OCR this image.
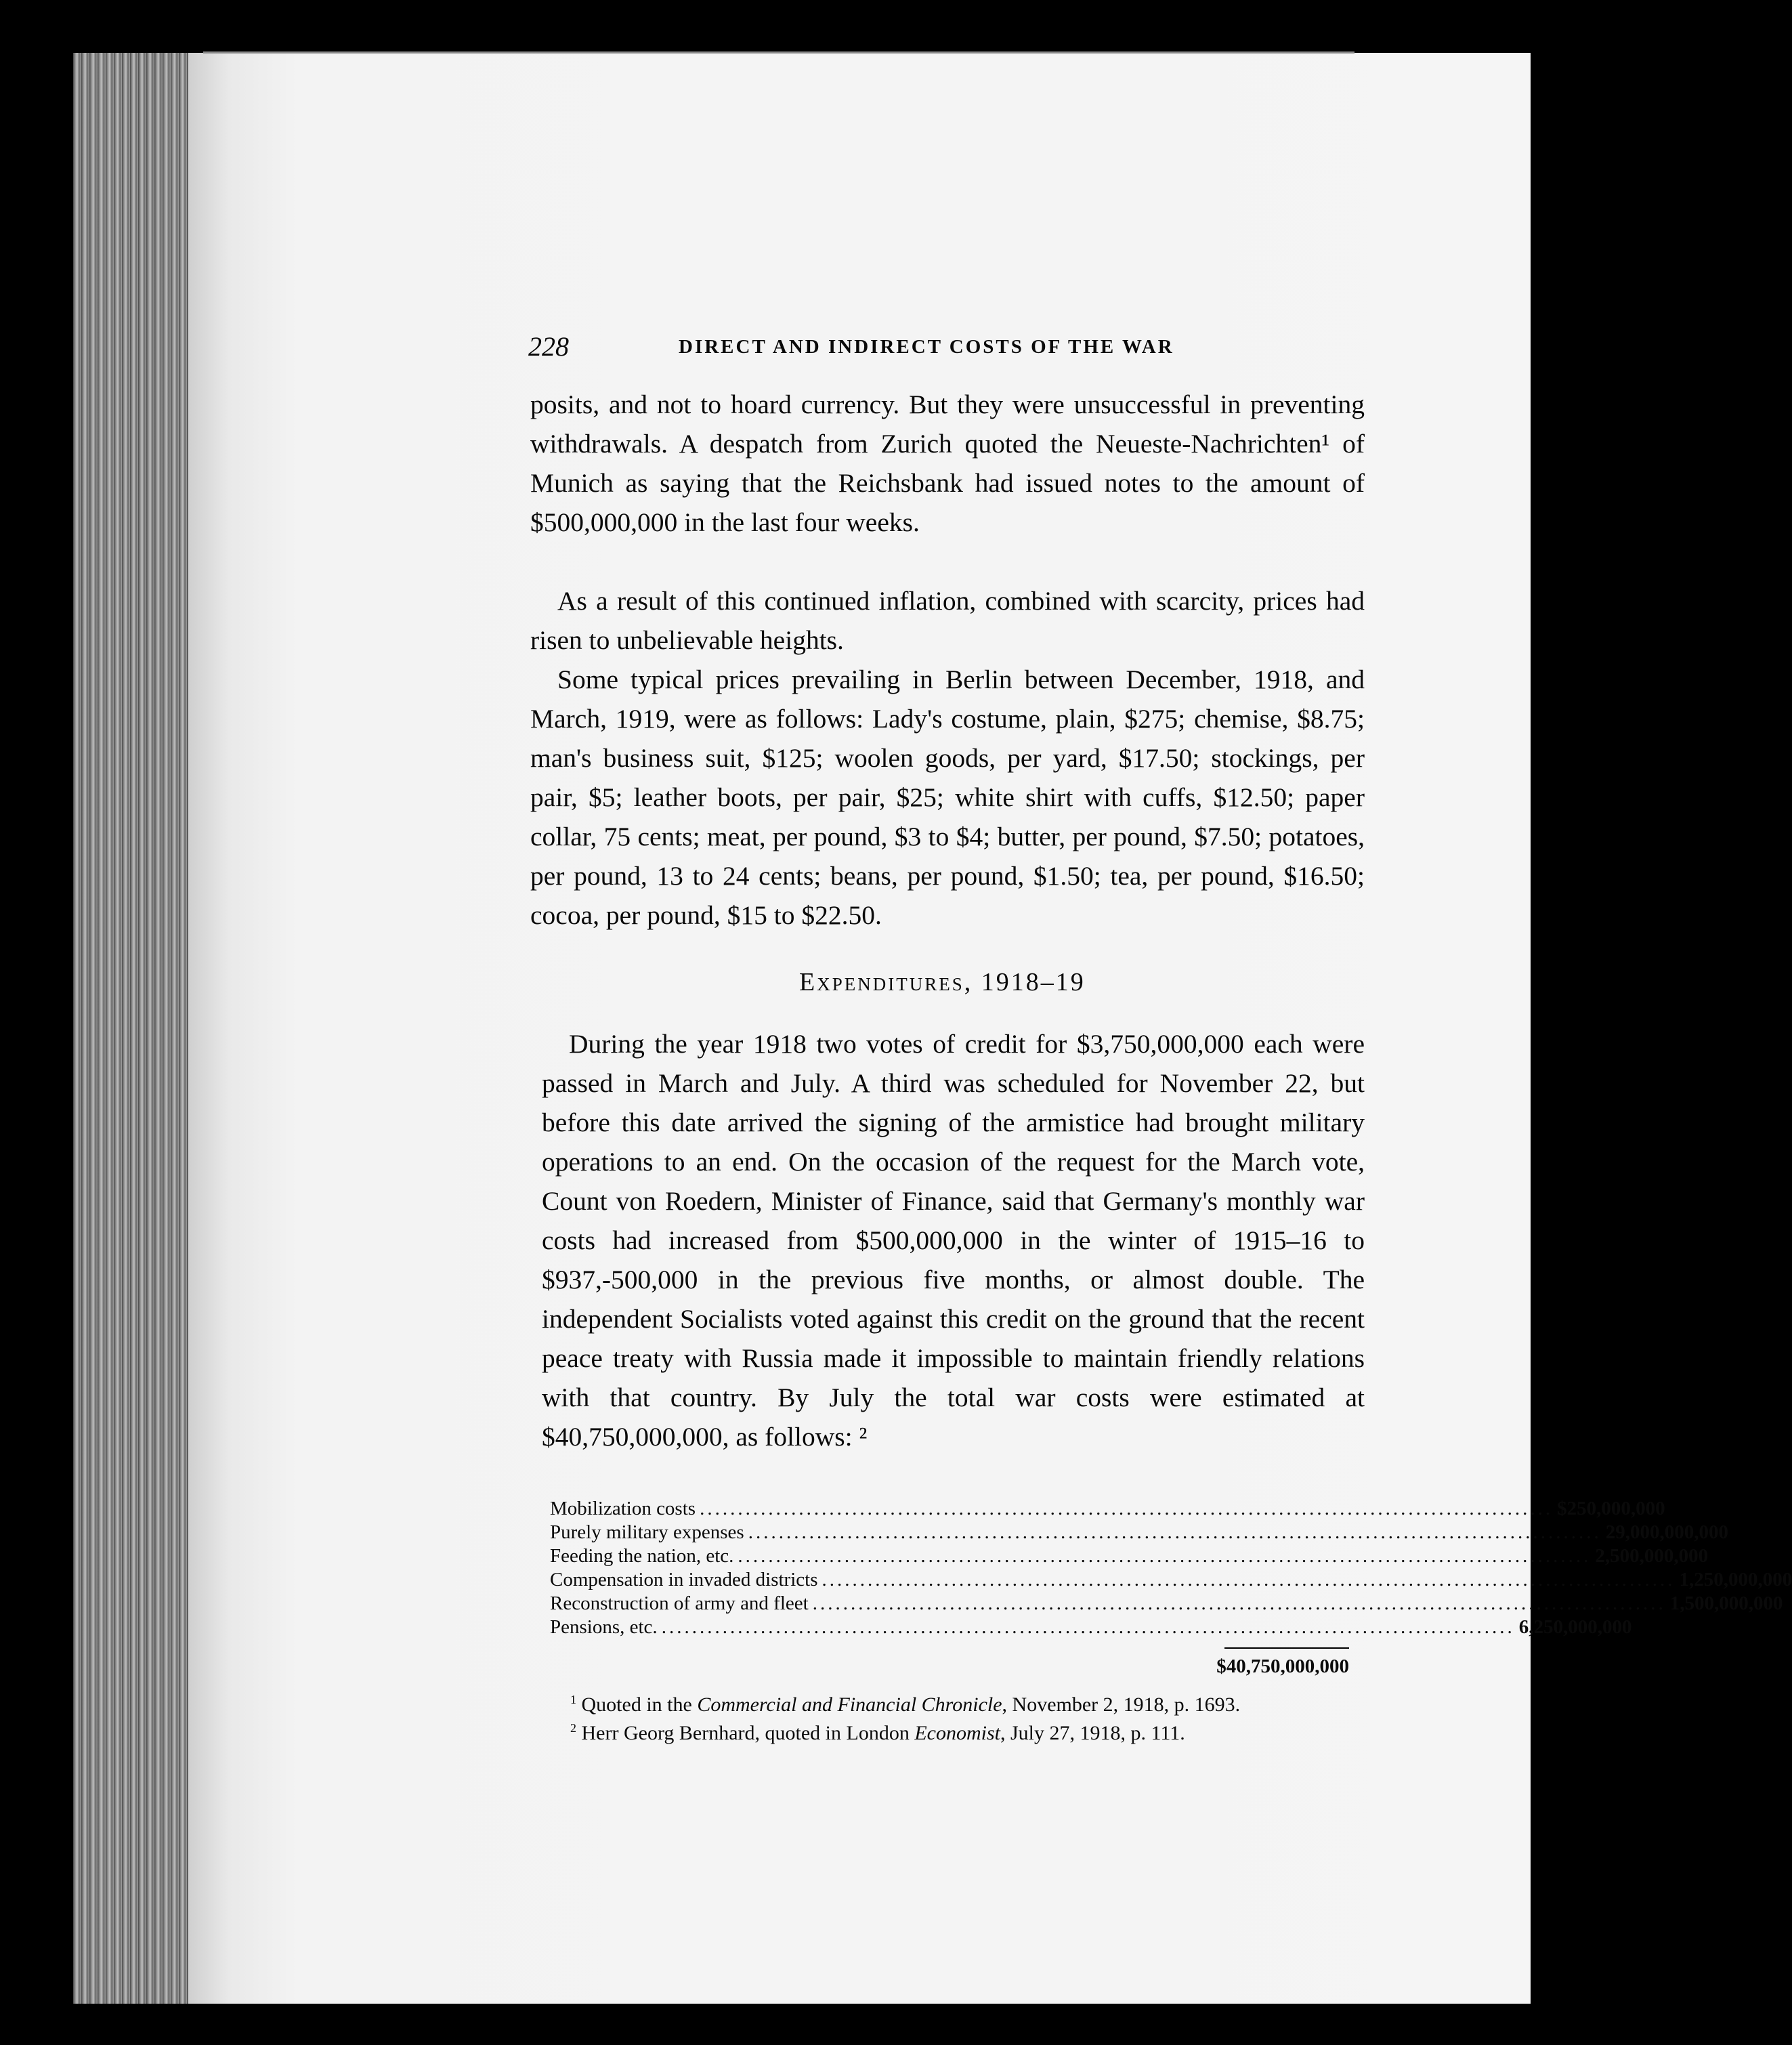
228	DIRECT AND INDIRECT COSTS OF THE WAR

posits, and not to hoard currency. But they were unsuccessful in preventing withdrawals. A despatch from Zurich quoted the Neueste-Nachrichten¹ of Munich as saying that the Reichsbank had issued notes to the amount of $500,000,000 in the last four weeks.

As a result of this continued inflation, combined with scarcity, prices had risen to unbelievable heights.

Some typical prices prevailing in Berlin between December, 1918, and March, 1919, were as follows: Lady's costume, plain, $275; chemise, $8.75; man's business suit, $125; woolen goods, per yard, $17.50; stockings, per pair, $5; leather boots, per pair, $25; white shirt with cuffs, $12.50; paper collar, 75 cents; meat, per pound, $3 to $4; butter, per pound, $7.50; potatoes, per pound, 13 to 24 cents; beans, per pound, $1.50; tea, per pound, $16.50; cocoa, per pound, $15 to $22.50.

Expenditures, 1918–19

During the year 1918 two votes of credit for $3,750,000,000 each were passed in March and July. A third was scheduled for November 22, but before this date arrived the signing of the armistice had brought military operations to an end. On the occasion of the request for the March vote, Count von Roedern, Minister of Finance, said that Germany's monthly war costs had increased from $500,000,000 in the winter of 1915–16 to $937,-500,000 in the previous five months, or almost double. The independent Socialists voted against this credit on the ground that the recent peace treaty with Russia made it impossible to maintain friendly relations with that country. By July the total war costs were estimated at $40,750,000,000, as follows: ²

Mobilization costs ................................................................................................................ $250,000,000
Purely military expenses ................................................................................................................ 29,000,000,000
Feeding the nation, etc. ................................................................................................................ 2,500,000,000
Compensation in invaded districts ................................................................................................................ 1,250,000,000
Reconstruction of army and fleet ................................................................................................................ 1,500,000,000
Pensions, etc. ................................................................................................................ 6,250,000,000
$40,750,000,000

$^1$ Quoted in the Commercial and Financial Chronicle, November 2, 1918, p. 1693.

$^2$ Herr Georg Bernhard, quoted in London Economist, July 27, 1918, p. 111.
